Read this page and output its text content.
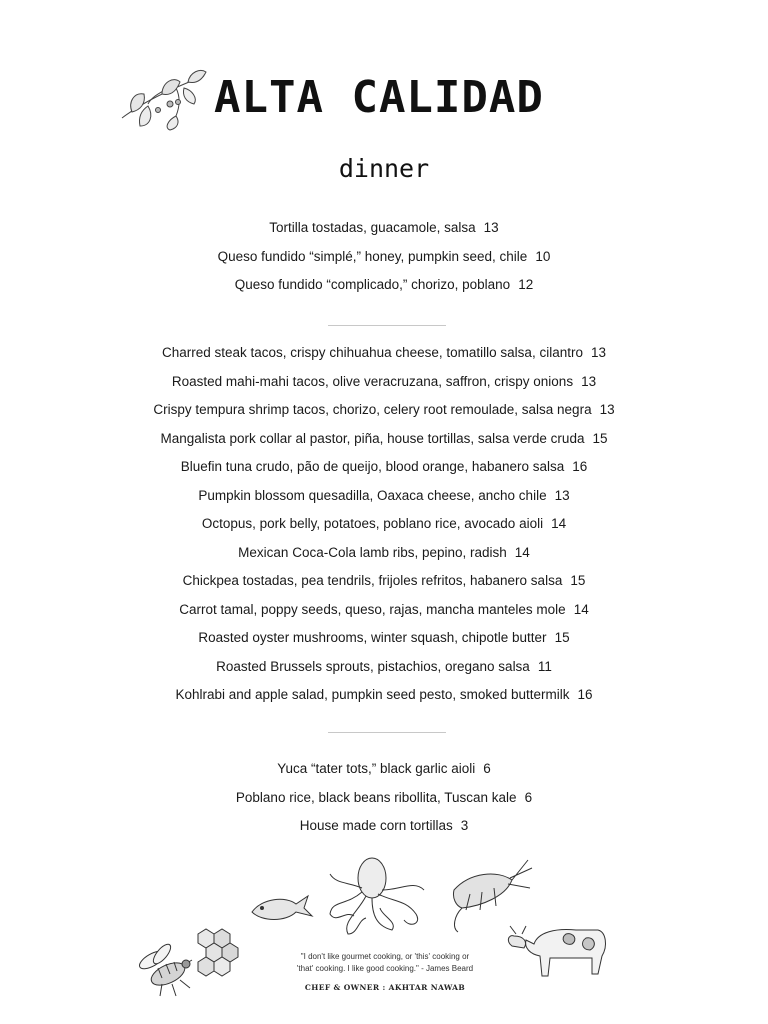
ALTA CALIDAD
dinner
Tortilla tostadas, guacamole, salsa 13
Queso fundido “simplé,” honey, pumpkin seed, chile 10
Queso fundido “complicado,” chorizo, poblano 12
Charred steak tacos, crispy chihuahua cheese, tomatillo salsa, cilantro 13
Roasted mahi-mahi tacos, olive veracruzana, saffron, crispy onions 13
Crispy tempura shrimp tacos, chorizo, celery root remoulade, salsa negra 13
Mangalista pork collar al pastor, piña, house tortillas, salsa verde cruda 15
Bluefin tuna crudo, pão de queijo, blood orange, habanero salsa 16
Pumpkin blossom quesadilla, Oaxaca cheese, ancho chile 13
Octopus, pork belly, potatoes, poblano rice, avocado aioli 14
Mexican Coca-Cola lamb ribs, pepino, radish 14
Chickpea tostadas, pea tendrils, frijoles refritos, habanero salsa 15
Carrot tamal, poppy seeds, queso, rajas, mancha manteles mole 14
Roasted oyster mushrooms, winter squash, chipotle butter 15
Roasted Brussels sprouts, pistachios, oregano salsa 11
Kohlrabi and apple salad, pumpkin seed pesto, smoked buttermilk 16
Yuca “tater tots,” black garlic aioli 6
Poblano rice, black beans ribollita, Tuscan kale 6
House made corn tortillas 3
"I don't like gourmet cooking, or 'this' cooking or
'that' cooking. I like good cooking." - James Beard
CHEF & OWNER : AKHTAR NAWAB
